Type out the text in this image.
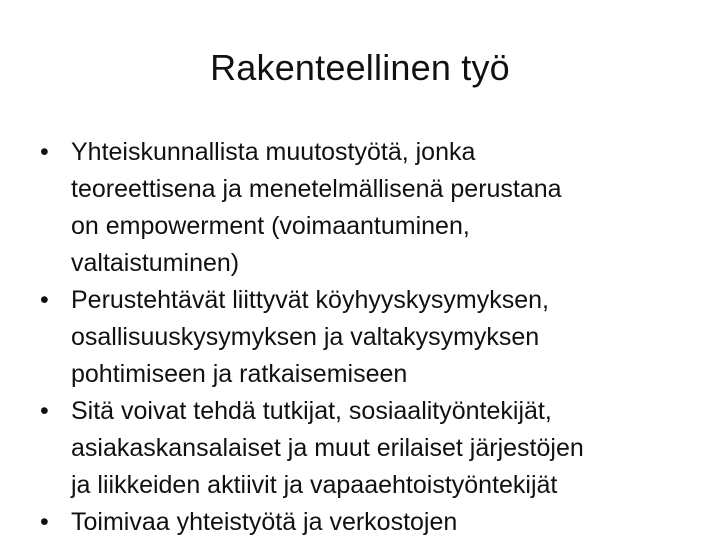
Rakenteellinen työ
• Yhteiskunnallista muutostyötä, jonka
teoreettisena ja menetelmällisenä perustana
on empowerment (voimaantuminen,
valtaistuminen)
• Perustehtävät liittyvät köyhyyskysymyksen,
osallisuuskysymyksen ja valtakysymyksen
pohtimiseen ja ratkaisemiseen
• Sitä voivat tehdä tutkijat, sosiaalityöntekijät,
asiakaskansalaiset ja muut erilaiset järjestöjen
ja liikkeiden aktiivit ja vapaaehtoistyöntekijät
• Toimivaa yhteistyötä ja verkostojen
